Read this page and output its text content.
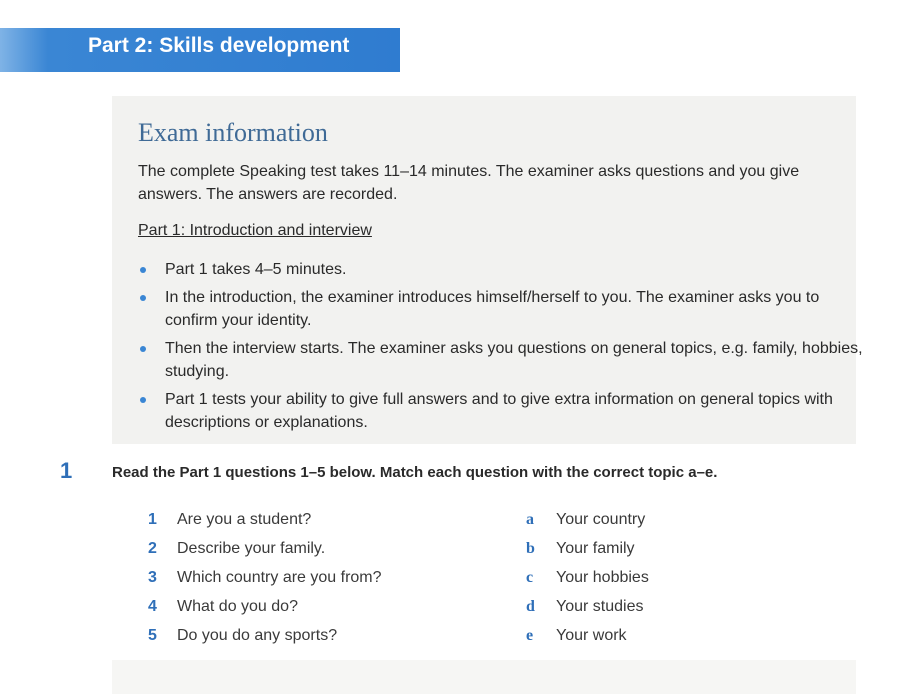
Part 2: Skills development
Exam information
The complete Speaking test takes 11–14 minutes. The examiner asks questions and you give answers. The answers are recorded.
Part 1: Introduction and interview
Part 1 takes 4–5 minutes.
In the introduction, the examiner introduces himself/herself to you. The examiner asks you to confirm your identity.
Then the interview starts. The examiner asks you questions on general topics, e.g. family, hobbies, studying.
Part 1 tests your ability to give full answers and to give extra information on general topics with descriptions or explanations.
1	Read the Part 1 questions 1–5 below. Match each question with the correct topic a–e.
1 Are you a student?
2 Describe your family.
3 Which country are you from?
4 What do you do?
5 Do you do any sports?
a Your country
b Your family
c Your hobbies
d Your studies
e Your work
